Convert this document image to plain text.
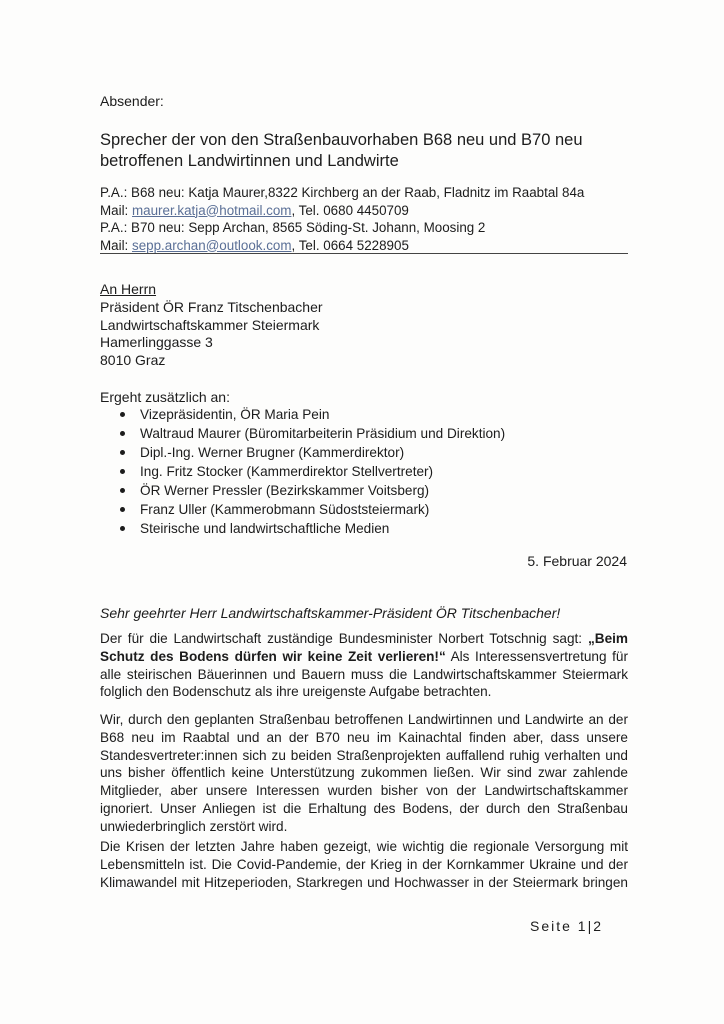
Absender:
Sprecher der von den Straßenbauvorhaben B68 neu und B70 neu
betroffenen Landwirtinnen und Landwirte
P.A.: B68 neu: Katja Maurer,8322 Kirchberg an der Raab, Fladnitz im Raabtal 84a
Mail: maurer.katja@hotmail.com, Tel. 0680 4450709
P.A.: B70 neu: Sepp Archan, 8565 Söding-St. Johann, Moosing 2
Mail: sepp.archan@outlook.com, Tel. 0664 5228905
An Herrn
Präsident ÖR Franz Titschenbacher
Landwirtschaftskammer Steiermark
Hamerlinggasse 3
8010 Graz
Ergeht zusätzlich an:
Vizepräsidentin, ÖR Maria Pein
Waltraud Maurer (Büromitarbeiterin Präsidium und Direktion)
Dipl.-Ing. Werner Brugner (Kammerdirektor)
Ing. Fritz Stocker (Kammerdirektor Stellvertreter)
ÖR Werner Pressler (Bezirkskammer Voitsberg)
Franz Uller (Kammerobmann Südoststeiermark)
Steirische und landwirtschaftliche Medien
5. Februar 2024
Sehr geehrter Herr Landwirtschaftskammer-Präsident ÖR Titschenbacher!
Der für die Landwirtschaft zuständige Bundesminister Norbert Totschnig sagt: „Beim
Schutz des Bodens dürfen wir keine Zeit verlieren!“ Als Interessensvertretung für
alle steirischen Bäuerinnen und Bauern muss die Landwirtschaftskammer Steiermark
folglich den Bodenschutz als ihre ureigenste Aufgabe betrachten.
Wir, durch den geplanten Straßenbau betroffenen Landwirtinnen und Landwirte an der
B68 neu im Raabtal und an der B70 neu im Kainachtal finden aber, dass unsere
Standesvertreter:innen sich zu beiden Straßenprojekten auffallend ruhig verhalten und
uns bisher öffentlich keine Unterstützung zukommen ließen. Wir sind zwar zahlende
Mitglieder, aber unsere Interessen wurden bisher von der Landwirtschaftskammer
ignoriert. Unser Anliegen ist die Erhaltung des Bodens, der durch den Straßenbau
unwiederbringlich zerstört wird.
Die Krisen der letzten Jahre haben gezeigt, wie wichtig die regionale Versorgung mit
Lebensmitteln ist. Die Covid-Pandemie, der Krieg in der Kornkammer Ukraine und der
Klimawandel mit Hitzeperioden, Starkregen und Hochwasser in der Steiermark bringen
Seite 1|2
